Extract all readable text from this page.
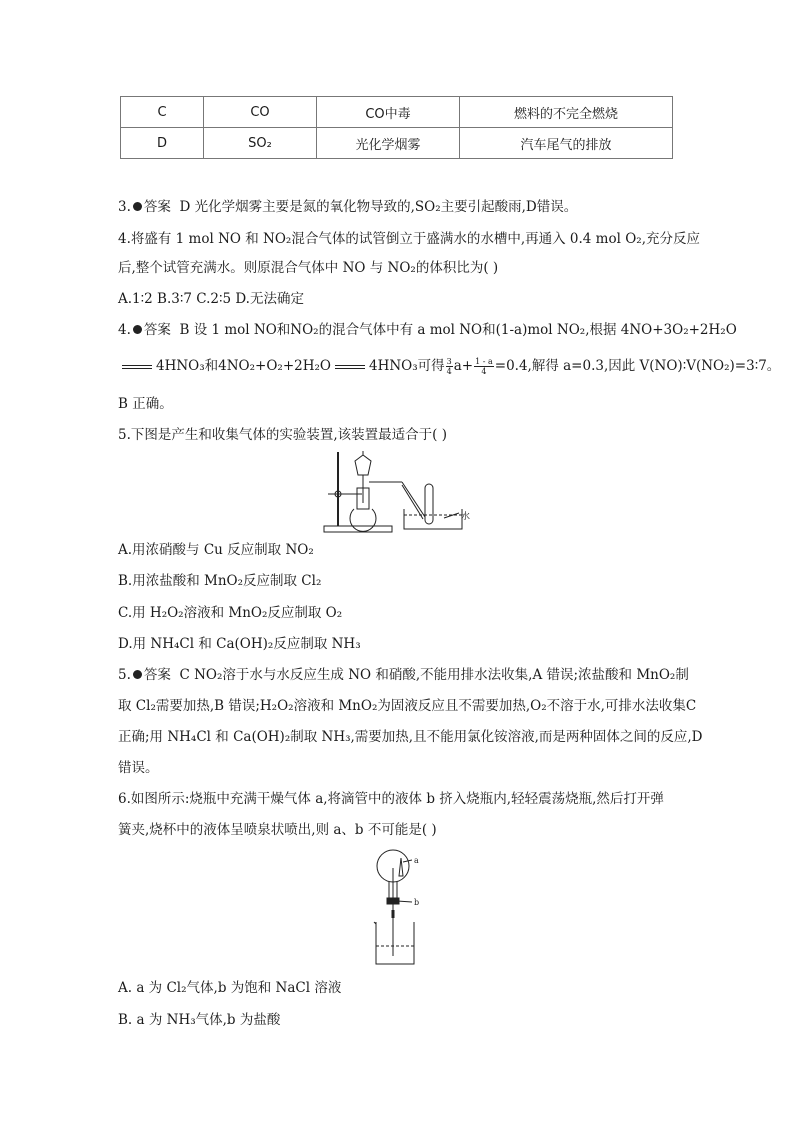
C	CO	CO中毒	燃料的不完全燃烧
D	SO₂	光化学烟雾	汽车尾气的排放
3. 答案 D 光化学烟雾主要是氮的氧化物导致的,SO₂主要引起酸雨,D错误。
4.将盛有 1 mol NO 和 NO₂混合气体的试管倒立于盛满水的水槽中,再通入 0.4 mol O₂,充分反应
后,整个试管充满水。则原混合气体中 NO 与 NO₂的体积比为( )
A.1∶2 B.3∶7 C.2∶5 D.无法确定
4. 答案 B 设 1 mol NO和NO₂的混合气体中有 a mol NO和(1-a)mol NO₂,根据 4NO+3O₂+2H₂O
4HNO₃和4NO₂+O₂+2H₂O	4HNO₃可得 $\frac{3}{4} a+ \frac{1 - a}{4} =0.4$,解得 a=0.3,因此 V(NO)∶V(NO₂)=3∶7。
B 正确。
5.下图是产生和收集气体的实验装置,该装置最适合于( )
水
A.用浓硝酸与 Cu 反应制取 NO₂
B.用浓盐酸和 MnO₂反应制取 Cl₂
C.用 H₂O₂溶液和 MnO₂反应制取 O₂
D.用 NH₄Cl 和 Ca(OH)₂反应制取 NH₃
5. 答案 C NO₂溶于水与水反应生成 NO 和硝酸,不能用排水法收集,A 错误;浓盐酸和 MnO₂制
取 Cl₂需要加热,B 错误;H₂O₂溶液和 MnO₂为固液反应且不需要加热,O₂不溶于水,可排水法收集C
正确;用 NH₄Cl 和 Ca(OH)₂制取 NH₃,需要加热,且不能用氯化铵溶液,而是两种固体之间的反应,D
错误。
6.如图所示:烧瓶中充满干燥气体 a,将滴管中的液体 b 挤入烧瓶内,轻轻震荡烧瓶,然后打开弹
簧夹,烧杯中的液体呈喷泉状喷出,则 a、b 不可能是( )
a
b
A. a 为 Cl₂气体,b 为饱和 NaCl 溶液
B. a 为 NH₃气体,b 为盐酸
